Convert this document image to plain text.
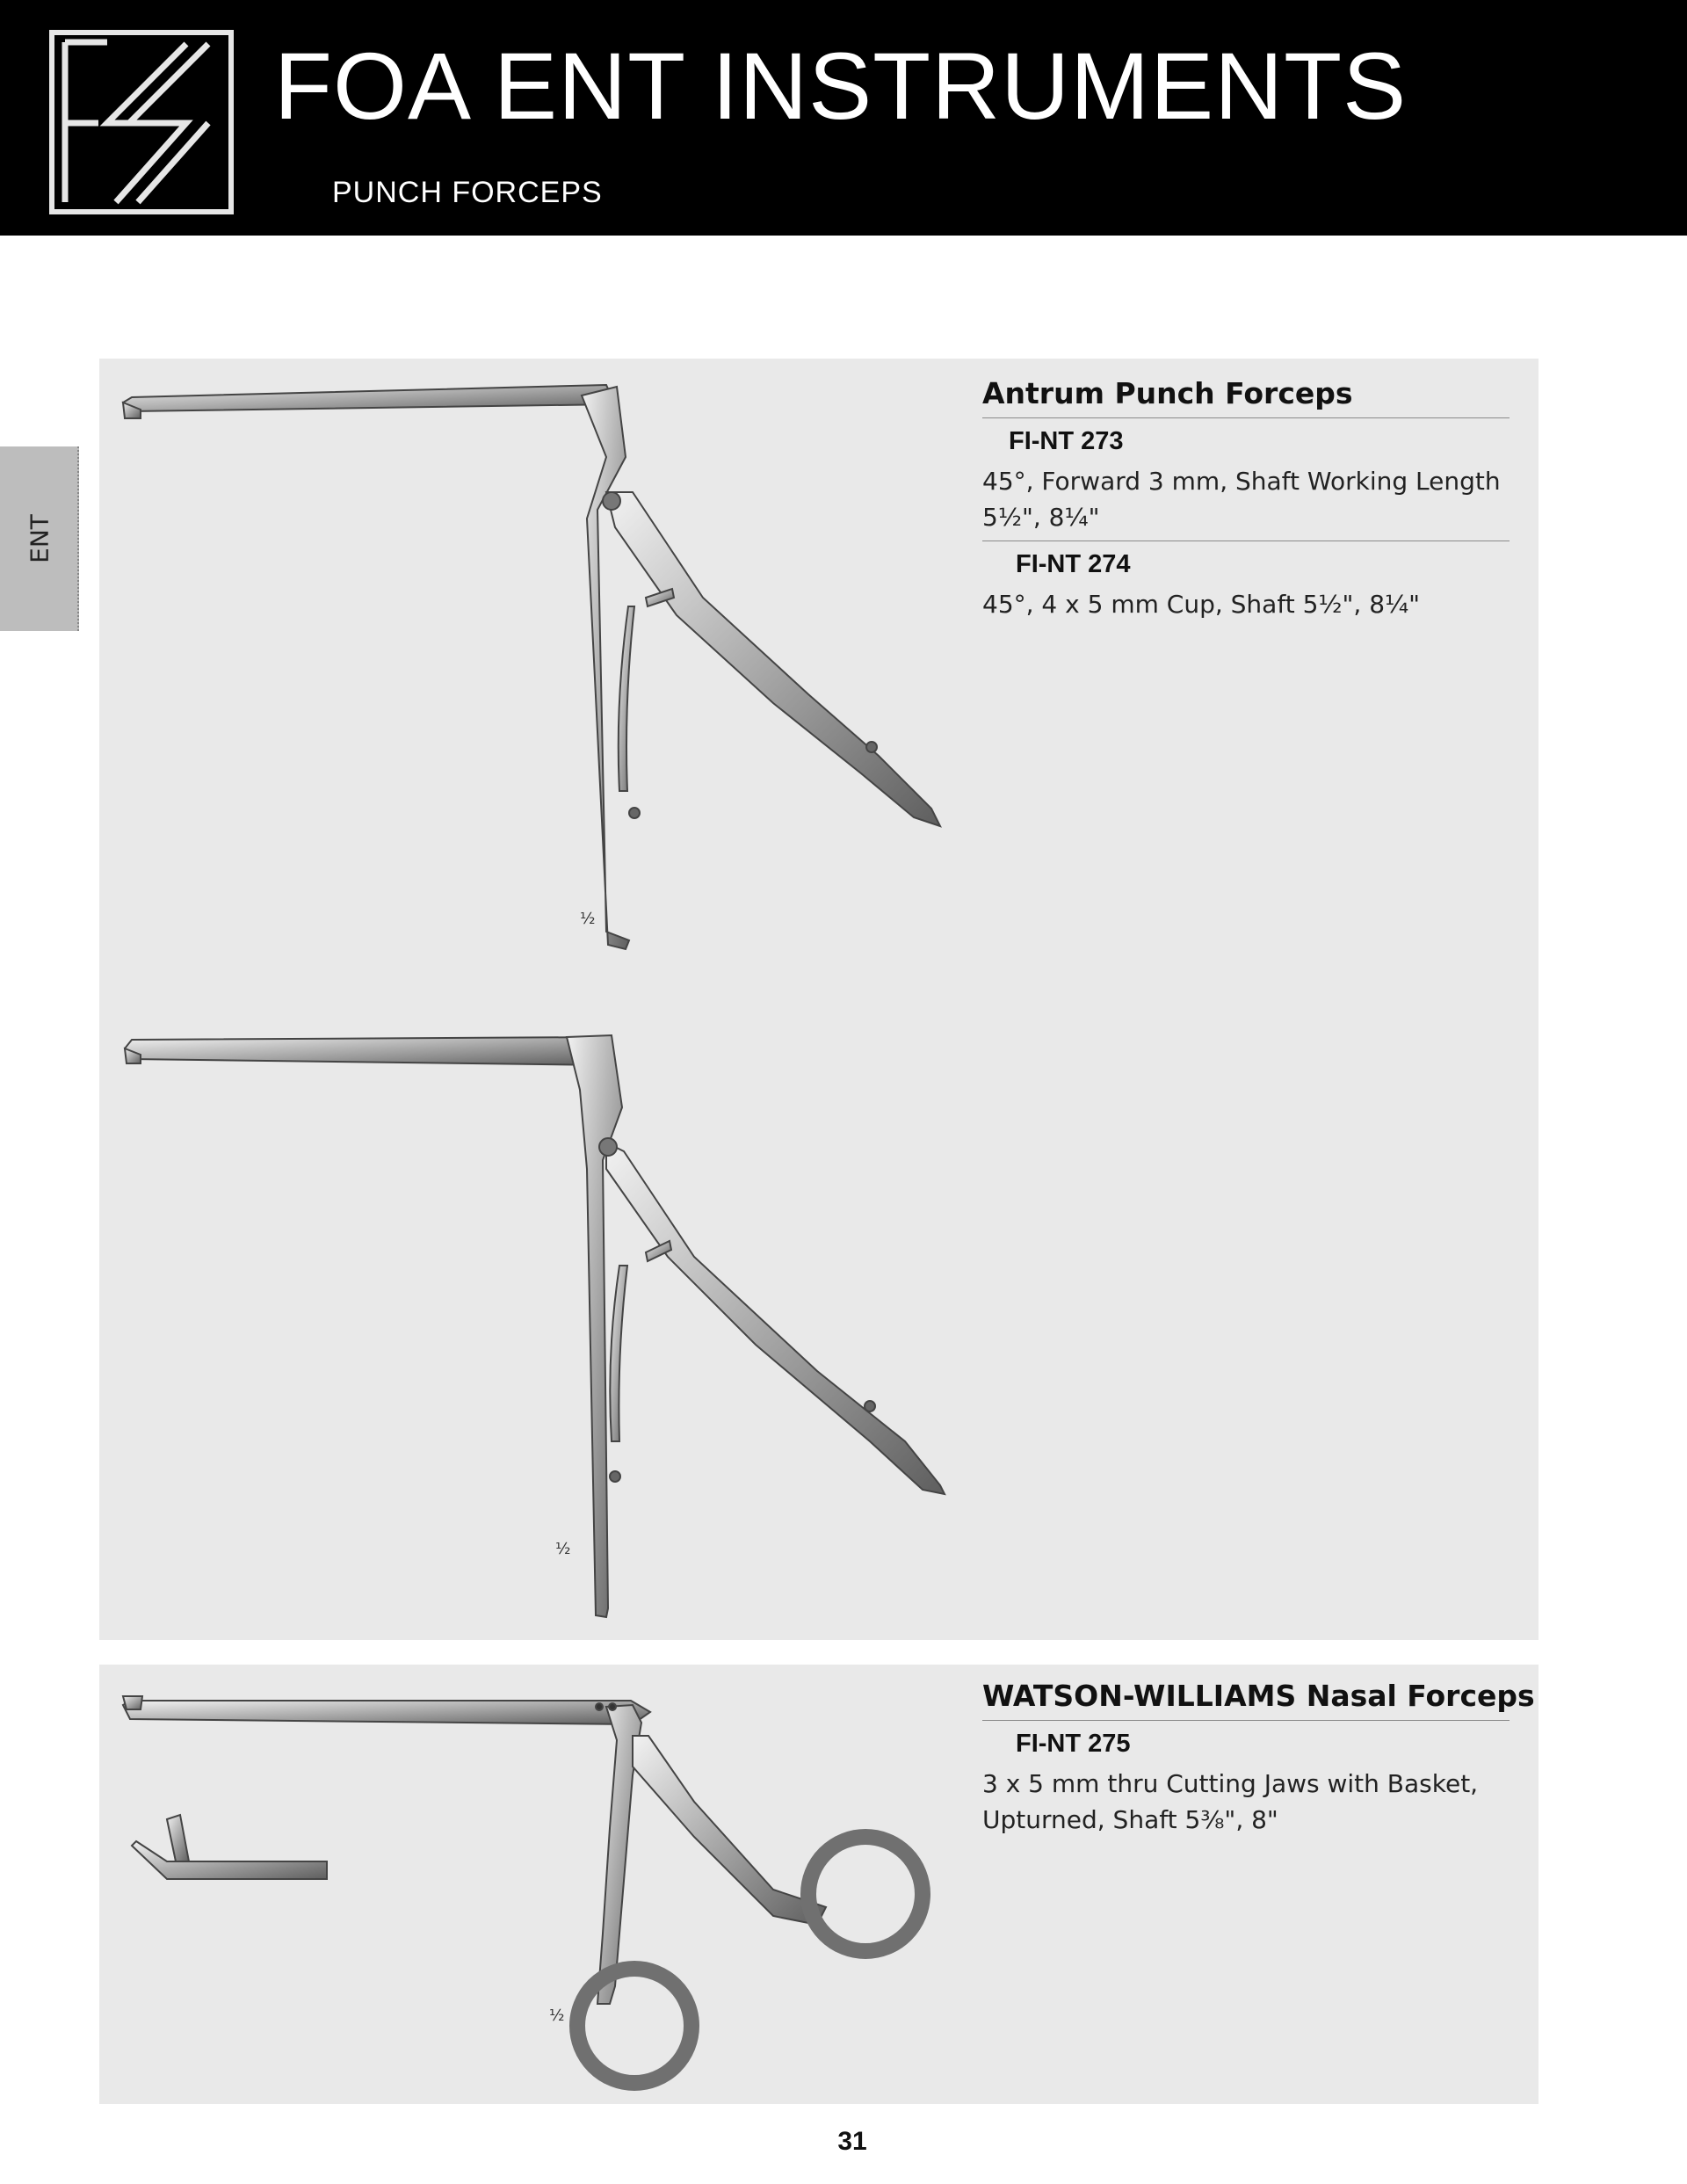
FOA ENT INSTRUMENTS
PUNCH FORCEPS
ENT
½
½
½
Antrum Punch Forceps
FI-NT 273
45°, Forward 3 mm, Shaft Working Length 5½", 8¼"
FI-NT 274
45°, 4 x 5 mm Cup, Shaft 5½", 8¼"
WATSON-WILLIAMS Nasal Forceps
FI-NT 275
3 x 5 mm thru Cutting Jaws with Basket, Upturned, Shaft 5⅜", 8"
31
